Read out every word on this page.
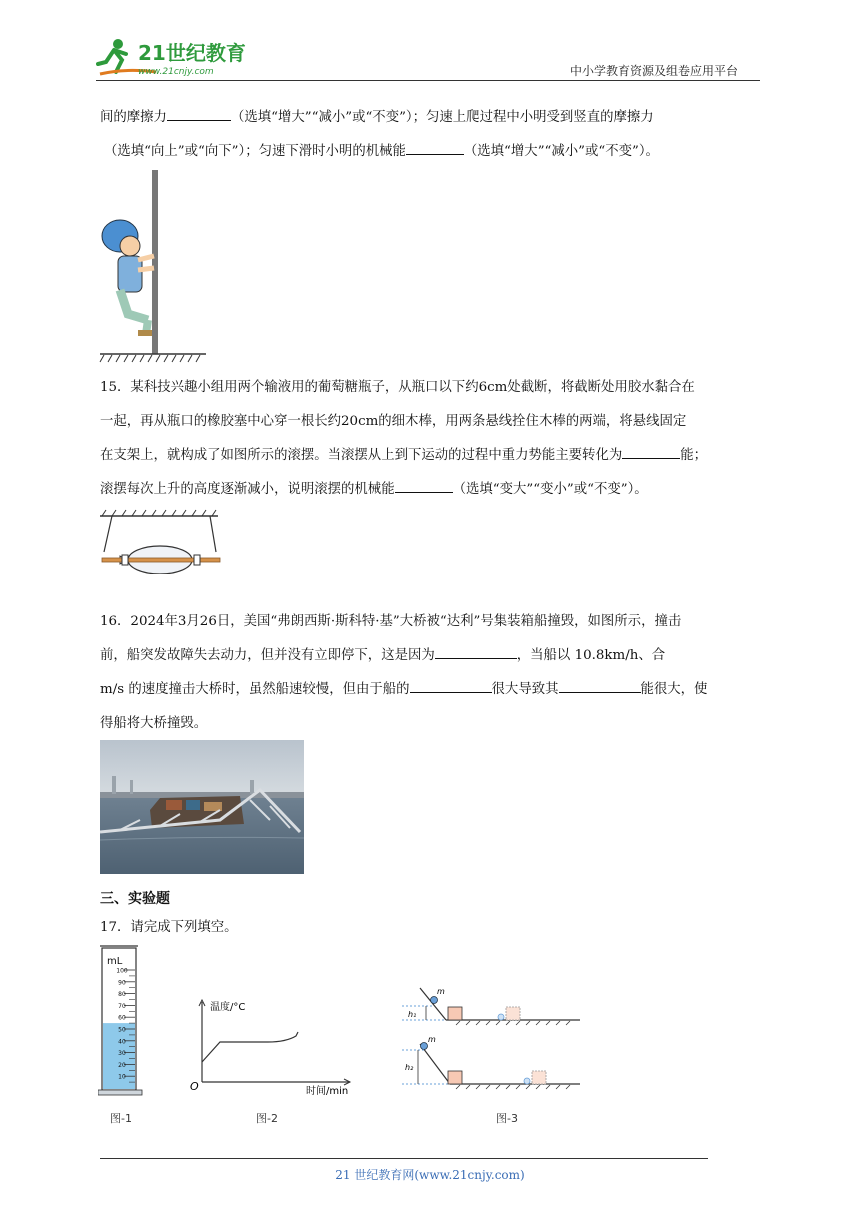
21世纪教育
www.21cnjy.com	中小学教育资源及组卷应用平台
间的摩擦力	（选填“增大”“减小”或“不变”）；匀速上爬过程中小明受到竖直的摩擦力
（选填“向上”或“向下”）；匀速下滑时小明的机械能	（选填“增大”“减小”或“不变”）。
15．某科技兴趣小组用两个输液用的葡萄糖瓶子，从瓶口以下约6cm处截断，将截断处用胶水黏合在
一起，再从瓶口的橡胶塞中心穿一根长约20cm的细木棒，用两条悬线拴住木棒的两端，将悬线固定
在支架上，就构成了如图所示的滚摆。当滚摆从上到下运动的过程中重力势能主要转化为	能；
滚摆每次上升的高度逐渐减小，说明滚摆的机械能	（选填“变大”“变小”或“不变”）。
16．2024年3月26日，美国“弗朗西斯·斯科特·基”大桥被“达利”号集装箱船撞毁，如图所示，撞击
前，船突发故障失去动力，但并没有立即停下，这是因为	，当船以 10.8km/h、合
m/s 的速度撞击大桥时，虽然船速较慢，但由于船的	很大导致其	能很大，使
得船将大桥撞毁。
三、实验题
17．请完成下列填空。
mL
100
90
80
70
60
50
40
30
20
10
图-1
温度/°C
时间/min
O
图-2
m
h₁
m
h₂
图-3
21 世纪教育网(www.21cnjy.com)
